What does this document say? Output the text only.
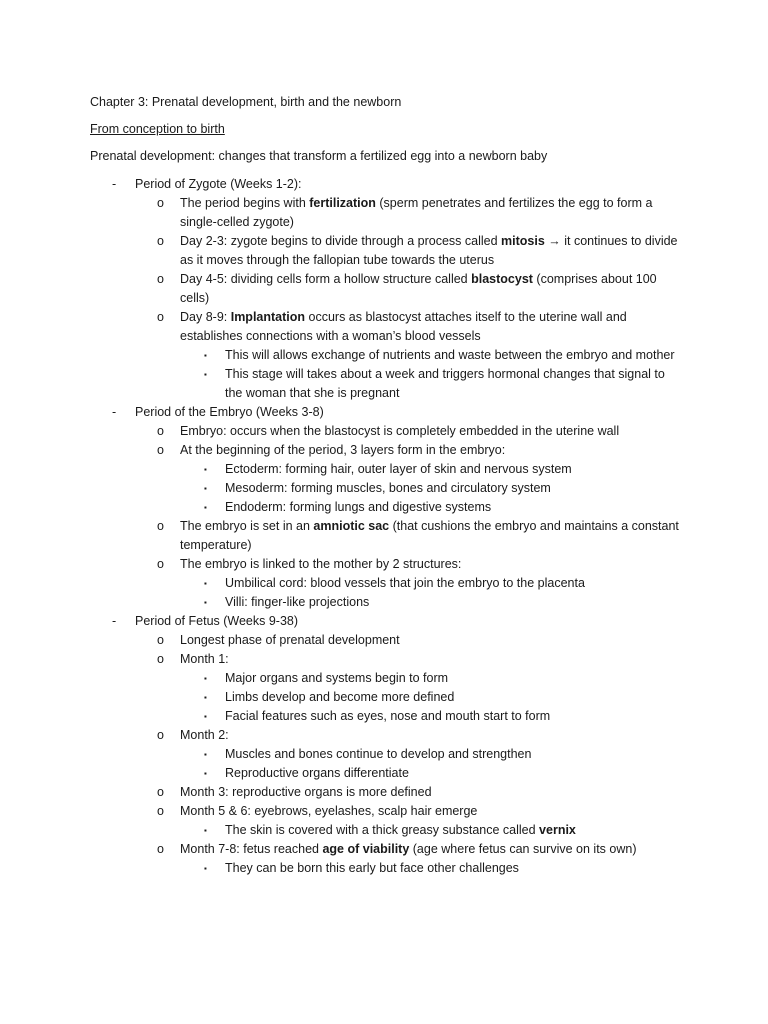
Chapter 3: Prenatal development, birth and the newborn

From conception to birth

Prenatal development: changes that transform a fertilized egg into a newborn baby

- Period of Zygote (Weeks 1-2):
o The period begins with fertilization (sperm penetrates and fertilizes the egg to form a single-celled zygote)
o Day 2-3: zygote begins to divide through a process called mitosis → it continues to divide as it moves through the fallopian tube towards the uterus
o Day 4-5: dividing cells form a hollow structure called blastocyst (comprises about 100 cells)
o Day 8-9: Implantation occurs as blastocyst attaches itself to the uterine wall and establishes connections with a woman’s blood vessels
▪ This will allows exchange of nutrients and waste between the embryo and mother
▪ This stage will takes about a week and triggers hormonal changes that signal to the woman that she is pregnant
- Period of the Embryo (Weeks 3-8)
o Embryo: occurs when the blastocyst is completely embedded in the uterine wall
o At the beginning of the period, 3 layers form in the embryo:
▪ Ectoderm: forming hair, outer layer of skin and nervous system
▪ Mesoderm: forming muscles, bones and circulatory system
▪ Endoderm: forming lungs and digestive systems
o The embryo is set in an amniotic sac (that cushions the embryo and maintains a constant temperature)
o The embryo is linked to the mother by 2 structures:
▪ Umbilical cord: blood vessels that join the embryo to the placenta
▪ Villi: finger-like projections
- Period of Fetus (Weeks 9-38)
o Longest phase of prenatal development
o Month 1:
▪ Major organs and systems begin to form
▪ Limbs develop and become more defined
▪ Facial features such as eyes, nose and mouth start to form
o Month 2:
▪ Muscles and bones continue to develop and strengthen
▪ Reproductive organs differentiate
o Month 3: reproductive organs is more defined
o Month 5 & 6: eyebrows, eyelashes, scalp hair emerge
▪ The skin is covered with a thick greasy substance called vernix
o Month 7-8: fetus reached age of viability (age where fetus can survive on its own)
▪ They can be born this early but face other challenges
